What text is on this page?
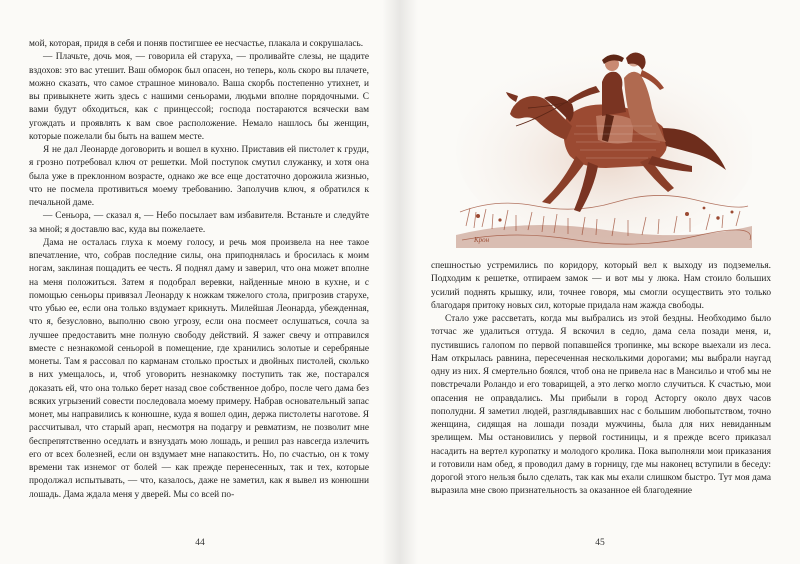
мой, которая, придя в себя и поняв постигшее ее несчастье, плакала и сокрушалась.

— Плачьте, дочь моя, — говорила ей старуха, — проливайте слезы, не щадите вздохов: это вас утешит. Ваш обморок был опасен, но теперь, коль скоро вы плачете, можно сказать, что самое страшное миновало. Ваша скорбь постепенно утихнет, и вы привыкнете жить здесь с нашими сеньорами, людьми вполне порядочными. С вами будут обходиться, как с принцессой; господа постараются всячески вам угождать и проявлять к вам свое расположение. Немало нашлось бы женщин, которые пожелали бы быть на вашем месте.

Я не дал Леонарде договорить и вошел в кухню. Приставив ей пистолет к груди, я грозно потребовал ключ от решетки. Мой поступок смутил служанку, и хотя она была уже в преклонном возрасте, однако же все еще достаточно дорожила жизнью, что не посмела противиться моему требованию. Заполучив ключ, я обратился к печальной даме.

— Сеньора, — сказал я, — Небо посылает вам избавителя. Встаньте и следуйте за мной; я доставлю вас, куда вы пожелаете.

Дама не осталась глуха к моему голосу, и речь моя произвела на нее такое впечатление, что, собрав последние силы, она приподнялась и бросилась к моим ногам, заклиная пощадить ее честь. Я поднял даму и заверил, что она может вполне на меня положиться. Затем я подобрал веревки, найденные мною в кухне, и с помощью сеньоры привязал Леонарду к ножкам тяжелого стола, пригрозив старухе, что убью ее, если она только вздумает крикнуть. Милейшая Леонарда, убежденная, что я, безусловно, выполню свою угрозу, если она посмеет ослушаться, сочла за лучшее предоставить мне полную свободу действий. Я зажег свечу и отправился вместе с незнакомой сеньорой в помещение, где хранились золотые и серебряные монеты. Там я рассовал по карманам столько простых и двойных пистолей, сколько в них умещалось, и, чтоб уговорить незнакомку поступить так же, постарался доказать ей, что она только берет назад свое собственное добро, после чего дама без всяких угрызений совести последовала моему примеру. Набрав основательный запас монет, мы направились к конюшне, куда я вошел один, держа пистолеты наготове. Я рассчитывал, что старый арап, несмотря на подагру и ревматизм, не позволит мне беспрепятственно оседлать и взнуздать мою лошадь, и решил раз навсегда излечить его от всех болезней, если он вздумает мне напакостить. Но, по счастью, он к тому времени так изнемог от болей — как прежде перенесенных, так и тех, которые продолжал испытывать, — что, казалось, даже не заметил, как я вывел из конюшни лошадь. Дама ждала меня у дверей. Мы со всей по-

44
Крон

спешностью устремились по коридору, который вел к выходу из подземелья. Подходим к решетке, отпираем замок — и вот мы у люка. Нам стоило больших усилий поднять крышку, или, точнее говоря, мы смогли осуществить это только благодаря притоку новых сил, которые придала нам жажда свободы.

Стало уже рассветать, когда мы выбрались из этой бездны. Необходимо было тотчас же удалиться оттуда. Я вскочил в седло, дама села позади меня, и, пустившись галопом по первой попавшейся тропинке, мы вскоре выехали из леса. Нам открылась равнина, пересеченная несколькими дорогами; мы выбрали наугад одну из них. Я смертельно боялся, чтоб она не привела нас в Мансильо и чтоб мы не повстречали Роландо и его товарищей, а это легко могло случиться. К счастью, мои опасения не оправдались. Мы прибыли в город Асторгу около двух часов пополудни. Я заметил людей, разглядывавших нас с большим любопытством, точно женщина, сидящая на лошади позади мужчины, была для них невиданным зрелищем. Мы остановились у первой гостиницы, и я прежде всего приказал насадить на вертел куропатку и молодого кролика. Пока выполняли мои приказания и готовили нам обед, я проводил даму в горницу, где мы наконец вступили в беседу: дорогой этого нельзя было сделать, так как мы ехали слишком быстро. Тут моя дама выразила мне свою признательность за оказанное ей благодеяние

45
